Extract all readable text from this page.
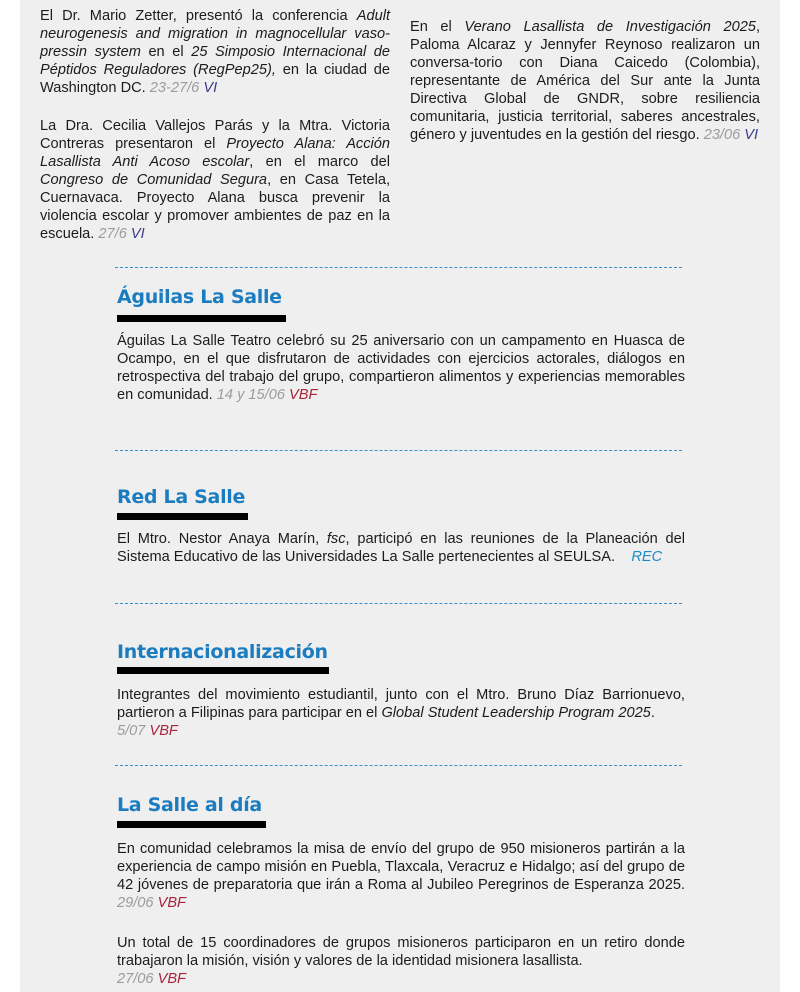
El Dr. Mario Zetter, presentó la conferencia Adult neurogenesis and migration in magnocellular vaso-pressin system en el 25 Simposio Internacional de Péptidos Reguladores (RegPep25), en la ciudad de Washington DC. 23-27/6 VI

La Dra. Cecilia Vallejos Parás y la Mtra. Victoria Contreras presentaron el Proyecto Alana: Acción Lasallista Anti Acoso escolar, en el marco del Congreso de Comunidad Segura, en Casa Tetela, Cuernavaca. Proyecto Alana busca prevenir la violencia escolar y promover ambientes de paz en la escuela. 27/6 VI

En el Verano Lasallista de Investigación 2025, Paloma Alcaraz y Jennyfer Reynoso realizaron un conversa-torio con Diana Caicedo (Colombia), representante de América del Sur ante la Junta Directiva Global de GNDR, sobre resiliencia comunitaria, justicia territorial, saberes ancestrales, género y juventudes en la gestión del riesgo. 23/06 VI

Águilas La Salle

Águilas La Salle Teatro celebró su 25 aniversario con un campamento en Huasca de Ocampo, en el que disfrutaron de actividades con ejercicios actorales, diálogos en retrospectiva del trabajo del grupo, compartieron alimentos y experiencias memorables en comunidad. 14 y 15/06 VBF

Red La Salle

El Mtro. Nestor Anaya Marín, fsc, participó en las reuniones de la Planeación del Sistema Educativo de las Universidades La Salle pertenecientes al SEULSA. REC

Internacionalización

Integrantes del movimiento estudiantil, junto con el Mtro. Bruno Díaz Barrionuevo, partieron a Filipinas para participar en el Global Student Leadership Program 2025.
5/07 VBF

La Salle al día

En comunidad celebramos la misa de envío del grupo de 950 misioneros partirán a la experiencia de campo misión en Puebla, Tlaxcala, Veracruz e Hidalgo; así del grupo de 42 jóvenes de preparatoria que irán a Roma al Jubileo Peregrinos de Esperanza 2025. 29/06 VBF

Un total de 15 coordinadores de grupos misioneros participaron en un retiro donde trabajaron la misión, visión y valores de la identidad misionera lasallista.
27/06 VBF
